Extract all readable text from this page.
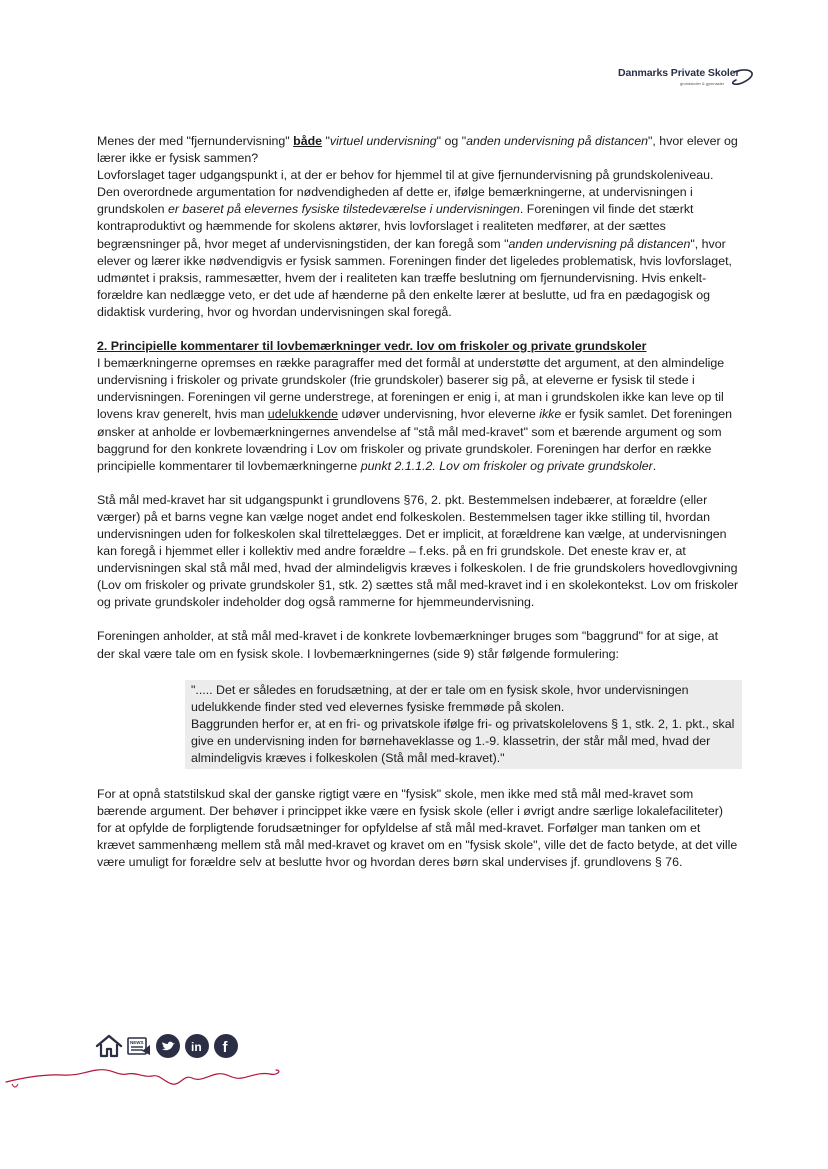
Danmarks Private Skoler
grundskoler & gymnasier

Menes der med "fjernundervisning" både "virtuel undervisning" og "anden undervisning på distancen", hvor elever og lærer ikke er fysisk sammen?

Lovforslaget tager udgangspunkt i, at der er behov for hjemmel til at give fjernundervisning på grundskoleniveau. Den overordnede argumentation for nødvendigheden af dette er, ifølge bemærkningerne, at undervisningen i grundskolen er baseret på elevernes fysiske tilstedeværelse i undervisningen. Foreningen vil finde det stærkt kontraproduktivt og hæmmende for skolens aktører, hvis lovforslaget i realiteten medfører, at der sættes begrænsninger på, hvor meget af undervisningstiden, der kan foregå som "anden undervisning på distancen", hvor elever og lærer ikke nødvendigvis er fysisk sammen. Foreningen finder det ligeledes problematisk, hvis lovforslaget, udmøntet i praksis, rammesætter, hvem der i realiteten kan træffe beslutning om fjernundervisning. Hvis enkelt-forældre kan nedlægge veto, er det ude af hænderne på den enkelte lærer at beslutte, ud fra en pædagogisk og didaktisk vurdering, hvor og hvordan undervisningen skal foregå.

2. Principielle kommentarer til lovbemærkninger vedr. lov om friskoler og private grundskoler
I bemærkningerne opremses en række paragraffer med det formål at understøtte det argument, at den almindelige undervisning i friskoler og private grundskoler (frie grundskoler) baserer sig på, at eleverne er fysisk til stede i undervisningen. Foreningen vil gerne understrege, at foreningen er enig i, at man i grundskolen ikke kan leve op til lovens krav generelt, hvis man udelukkende udøver undervisning, hvor eleverne ikke er fysik samlet. Det foreningen ønsker at anholde er lovbemærkningernes anvendelse af "stå mål med-kravet" som et bærende argument og som baggrund for den konkrete lovændring i Lov om friskoler og private grundskoler. Foreningen har derfor en række principielle kommentarer til lovbemærkningerne punkt 2.1.1.2. Lov om friskoler og private grundskoler.

Stå mål med-kravet har sit udgangspunkt i grundlovens §76, 2. pkt. Bestemmelsen indebærer, at forældre (eller værger) på et barns vegne kan vælge noget andet end folkeskolen. Bestemmelsen tager ikke stilling til, hvordan undervisningen uden for folkeskolen skal tilrettelægges. Det er implicit, at forældrene kan vælge, at undervisningen kan foregå i hjemmet eller i kollektiv med andre forældre – f.eks. på en fri grundskole. Det eneste krav er, at undervisningen skal stå mål med, hvad der almindeligvis kræves i folkeskolen. I de frie grundskolers hovedlovgivning (Lov om friskoler og private grundskoler §1, stk. 2) sættes stå mål med-kravet ind i en skolekontekst. Lov om friskoler og private grundskoler indeholder dog også rammerne for hjemmeundervisning.

Foreningen anholder, at stå mål med-kravet i de konkrete lovbemærkninger bruges som "baggrund" for at sige, at der skal være tale om en fysisk skole. I lovbemærkningernes (side 9) står følgende formulering:

"..... Det er således en forudsætning, at der er tale om en fysisk skole, hvor undervisningen udelukkende finder sted ved elevernes fysiske fremmøde på skolen.
Baggrunden herfor er, at en fri- og privatskole ifølge fri- og privatskolelovens § 1, stk. 2, 1. pkt., skal give en undervisning inden for børnehaveklasse og 1.-9. klassetrin, der står mål med, hvad der almindeligvis kræves i folkeskolen (Stå mål med-kravet)."

For at opnå statstilskud skal der ganske rigtigt være en "fysisk" skole, men ikke med stå mål med-kravet som bærende argument. Der behøver i princippet ikke være en fysisk skole (eller i øvrigt andre særlige lokalefaciliteter) for at opfylde de forpligtende forudsætninger for opfyldelse af stå mål med-kravet. Forfølger man tanken om et krævet sammenhæng mellem stå mål med-kravet og kravet om en "fysisk skole", ville det de facto betyde, at det ville være umuligt for forældre selv at beslutte hvor og hvordan deres børn skal undervises jf. grundlovens § 76.

NEWS	in f
